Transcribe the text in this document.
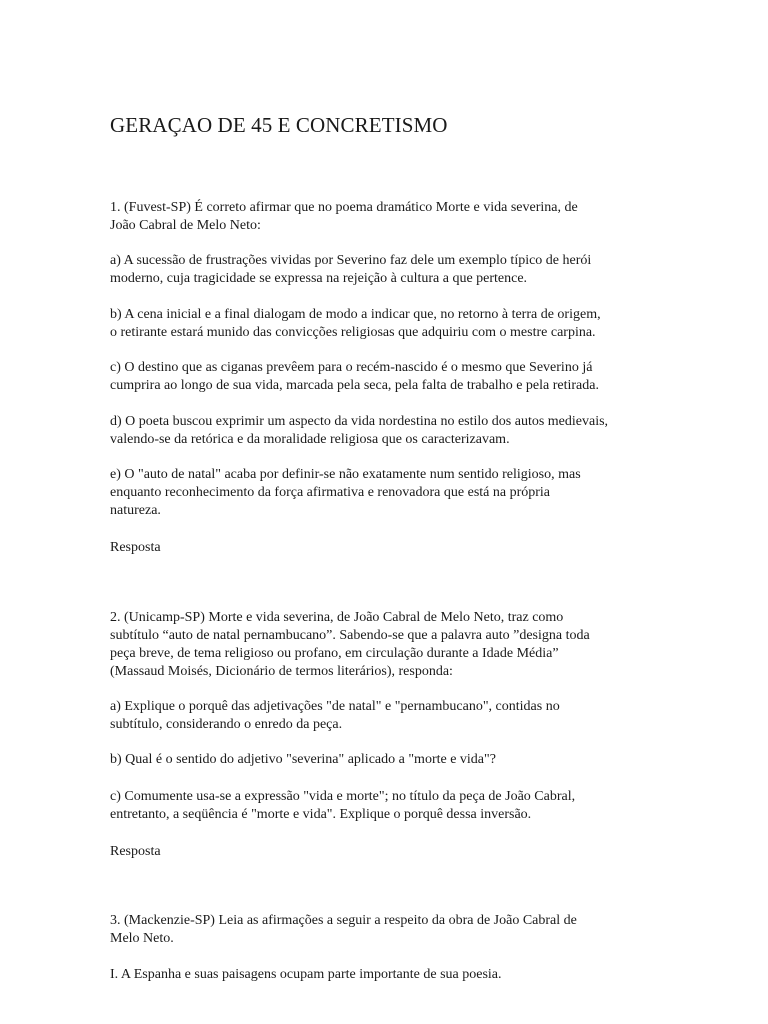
GERAÇAO DE 45 E CONCRETISMO

1. (Fuvest-SP) É correto afirmar que no poema dramático Morte e vida severina, de
João Cabral de Melo Neto:

a) A sucessão de frustrações vividas por Severino faz dele um exemplo típico de herói
moderno, cuja tragicidade se expressa na rejeição à cultura a que pertence.

b) A cena inicial e a final dialogam de modo a indicar que, no retorno à terra de origem,
o retirante estará munido das convicções religiosas que adquiriu com o mestre carpina.

c) O destino que as ciganas prevêem para o recém-nascido é o mesmo que Severino já
cumprira ao longo de sua vida, marcada pela seca, pela falta de trabalho e pela retirada.

d) O poeta buscou exprimir um aspecto da vida nordestina no estilo dos autos medievais,
valendo-se da retórica e da moralidade religiosa que os caracterizavam.

e) O "auto de natal" acaba por definir-se não exatamente num sentido religioso, mas
enquanto reconhecimento da força afirmativa e renovadora que está na própria
natureza.

Resposta

2. (Unicamp-SP) Morte e vida severina, de João Cabral de Melo Neto, traz como
subtítulo “auto de natal pernambucano”. Sabendo-se que a palavra auto ”designa toda
peça breve, de tema religioso ou profano, em circulação durante a Idade Média”
(Massaud Moisés, Dicionário de termos literários), responda:

a) Explique o porquê das adjetivações "de natal" e "pernambucano", contidas no
subtítulo, considerando o enredo da peça.

b) Qual é o sentido do adjetivo "severina" aplicado a "morte e vida"?

c) Comumente usa-se a expressão "vida e morte"; no título da peça de João Cabral,
entretanto, a seqüência é "morte e vida". Explique o porquê dessa inversão.

Resposta

3. (Mackenzie-SP) Leia as afirmações a seguir a respeito da obra de João Cabral de
Melo Neto.

I. A Espanha e suas paisagens ocupam parte importante de sua poesia.
